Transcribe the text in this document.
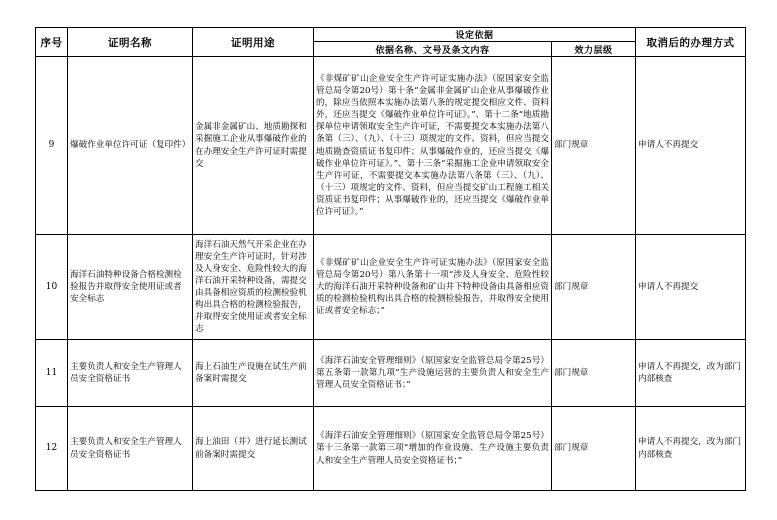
序号	证明名称	证明用途	设定依据		取消后的办理方式
			依据名称、文号及条文内容	效力层级	
9	爆破作业单位许可证（复印件）	金属非金属矿山、地质勘探和采掘施工企业从事爆破作业的在办理安全生产许可证时需提交	《非煤矿矿山企业安全生产许可证实施办法》（原国家安全监管总局令第20号）第十条“金属非金属矿山企业从事爆破作业的，除应当依照本实施办法第八条的规定提交相应文件、资料外，还应当提交《爆破作业单位许可证》。”、第十二条“地质勘探单位申请领取安全生产许可证，不需要提交本实施办法第八条第（三）、（九）、（十三）项规定的文件、资料，但应当提交地质勘查资质证书复印件；从事爆破作业的，还应当提交《爆破作业单位许可证》。”、第十三条“采掘施工企业申请领取安全生产许可证，不需要提交本实施办法第八条第（三）、（九）、（十三）项规定的文件、资料，但应当提交矿山工程施工相关资质证书复印件；从事爆破作业的，还应当提交《爆破作业单位许可证》。”	部门规章	申请人不再提交
10	海洋石油特种设备合格检测检验报告并取得安全使用证或者安全标志	海洋石油天然气开采企业在办理安全生产许可证时，针对涉及人身安全、危险性较大的海洋石油开采特种设备，需提交由具备相应资质的检测检验机构出具合格的检测检验报告，并取得安全使用证或者安全标志	《非煤矿矿山企业安全生产许可证实施办法》（原国家安全监管总局令第20号）第八条第十一项“涉及人身安全、危险性较大的海洋石油开采特种设备和矿山井下特种设备由具备相应资质的检测检验机构出具合格的检测检验报告，并取得安全使用证或者安全标志；”	部门规章	申请人不再提交
11	主要负责人和安全生产管理人员安全资格证书	海上石油生产设施在试生产前备案时需提交	《海洋石油安全管理细则》（原国家安全监管总局令第25号）第五条第一款第九项“生产设施运营的主要负责人和安全生产管理人员安全资格证书；”	部门规章	申请人不再提交，改为部门内部核查
12	主要负责人和安全生产管理人员安全资格证书	海上油田（井）进行延长测试前备案时需提交	《海洋石油安全管理细则》（原国家安全监管总局令第25号）第十三条第一款第三项“增加的作业设施、生产设施主要负责人和安全生产管理人员安全资格证书；”	部门规章	申请人不再提交，改为部门内部核查
